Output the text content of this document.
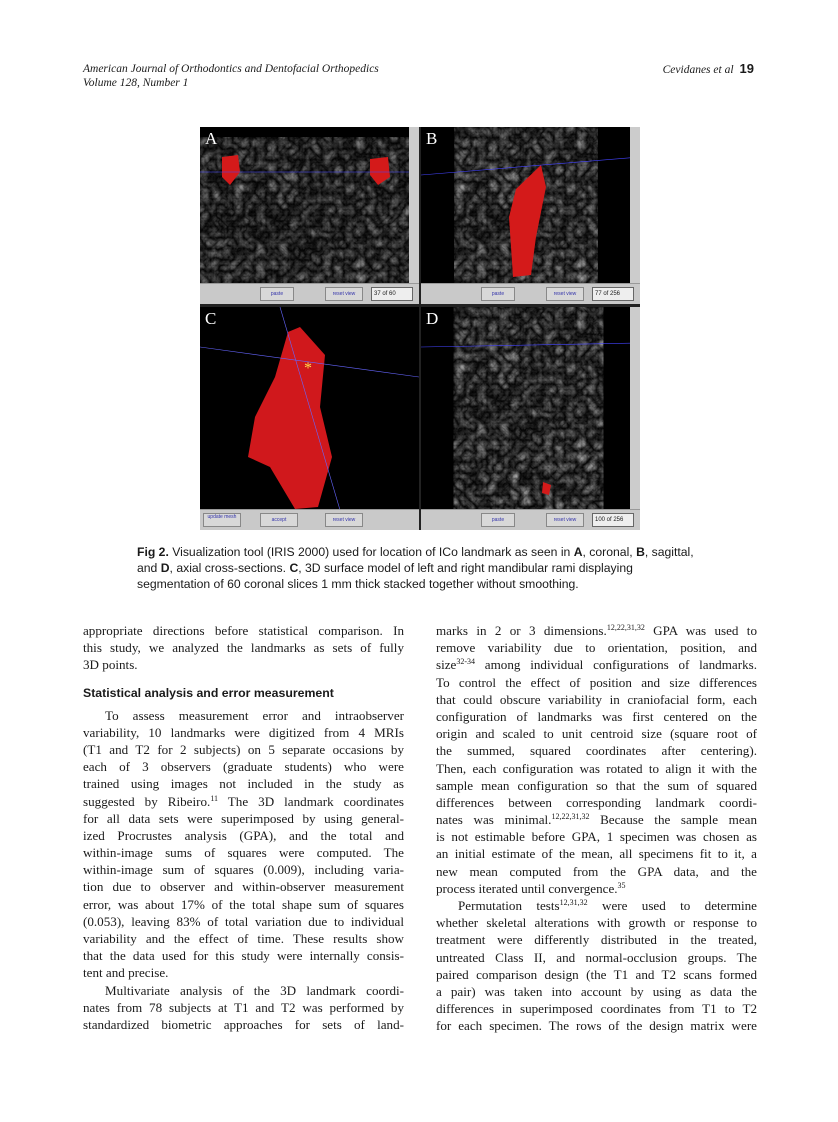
American Journal of Orthodontics and Dentofacial Orthopedics
Volume 128, Number 1
Cevidanes et al 19
A
paste	reset view	37 of 60
B
paste	reset view	77 of 256
*
C
update mesh	accept	reset view
D
paste	reset view	100 of 256
Fig 2. Visualization tool (IRIS 2000) used for location of ICo landmark as seen in A, coronal, B, sagittal, and D, axial cross-sections. C, 3D surface model of left and right mandibular rami displaying segmentation of 60 coronal slices 1 mm thick stacked together without smoothing.
appropriate directions before statistical comparison. In
this study, we analyzed the landmarks as sets of fully
3D points.
Statistical analysis and error measurement
To assess measurement error and intraobserver
variability, 10 landmarks were digitized from 4 MRIs
(T1 and T2 for 2 subjects) on 5 separate occasions by
each of 3 observers (graduate students) who were
trained using images not included in the study as
suggested by Ribeiro.$^{11}$ The 3D landmark coordinates
for all data sets were superimposed by using general-
ized Procrustes analysis (GPA), and the total and
within-image sums of squares were computed. The
within-image sum of squares (0.009), including varia-
tion due to observer and within-observer measurement
error, was about 17% of the total shape sum of squares
(0.053), leaving 83% of total variation due to individual
variability and the effect of time. These results show
that the data used for this study were internally consis-
tent and precise.
Multivariate analysis of the 3D landmark coordi-
nates from 78 subjects at T1 and T2 was performed by
standardized biometric approaches for sets of land-
marks in 2 or 3 dimensions.$^{12,22,31,32}$ GPA was used to
remove variability due to orientation, position, and
size$^{32-34}$ among individual configurations of landmarks.
To control the effect of position and size differences
that could obscure variability in craniofacial form, each
configuration of landmarks was first centered on the
origin and scaled to unit centroid size (square root of
the summed, squared coordinates after centering).
Then, each configuration was rotated to align it with the
sample mean configuration so that the sum of squared
differences between corresponding landmark coordi-
nates was minimal.$^{12,22,31,32}$ Because the sample mean
is not estimable before GPA, 1 specimen was chosen as
an initial estimate of the mean, all specimens fit to it, a
new mean computed from the GPA data, and the
process iterated until convergence.$^{35}$
Permutation tests$^{12,31,32}$ were used to determine
whether skeletal alterations with growth or response to
treatment were differently distributed in the treated,
untreated Class II, and normal-occlusion groups. The
paired comparison design (the T1 and T2 scans formed
a pair) was taken into account by using as data the
differences in superimposed coordinates from T1 to T2
for each specimen. The rows of the design matrix were
